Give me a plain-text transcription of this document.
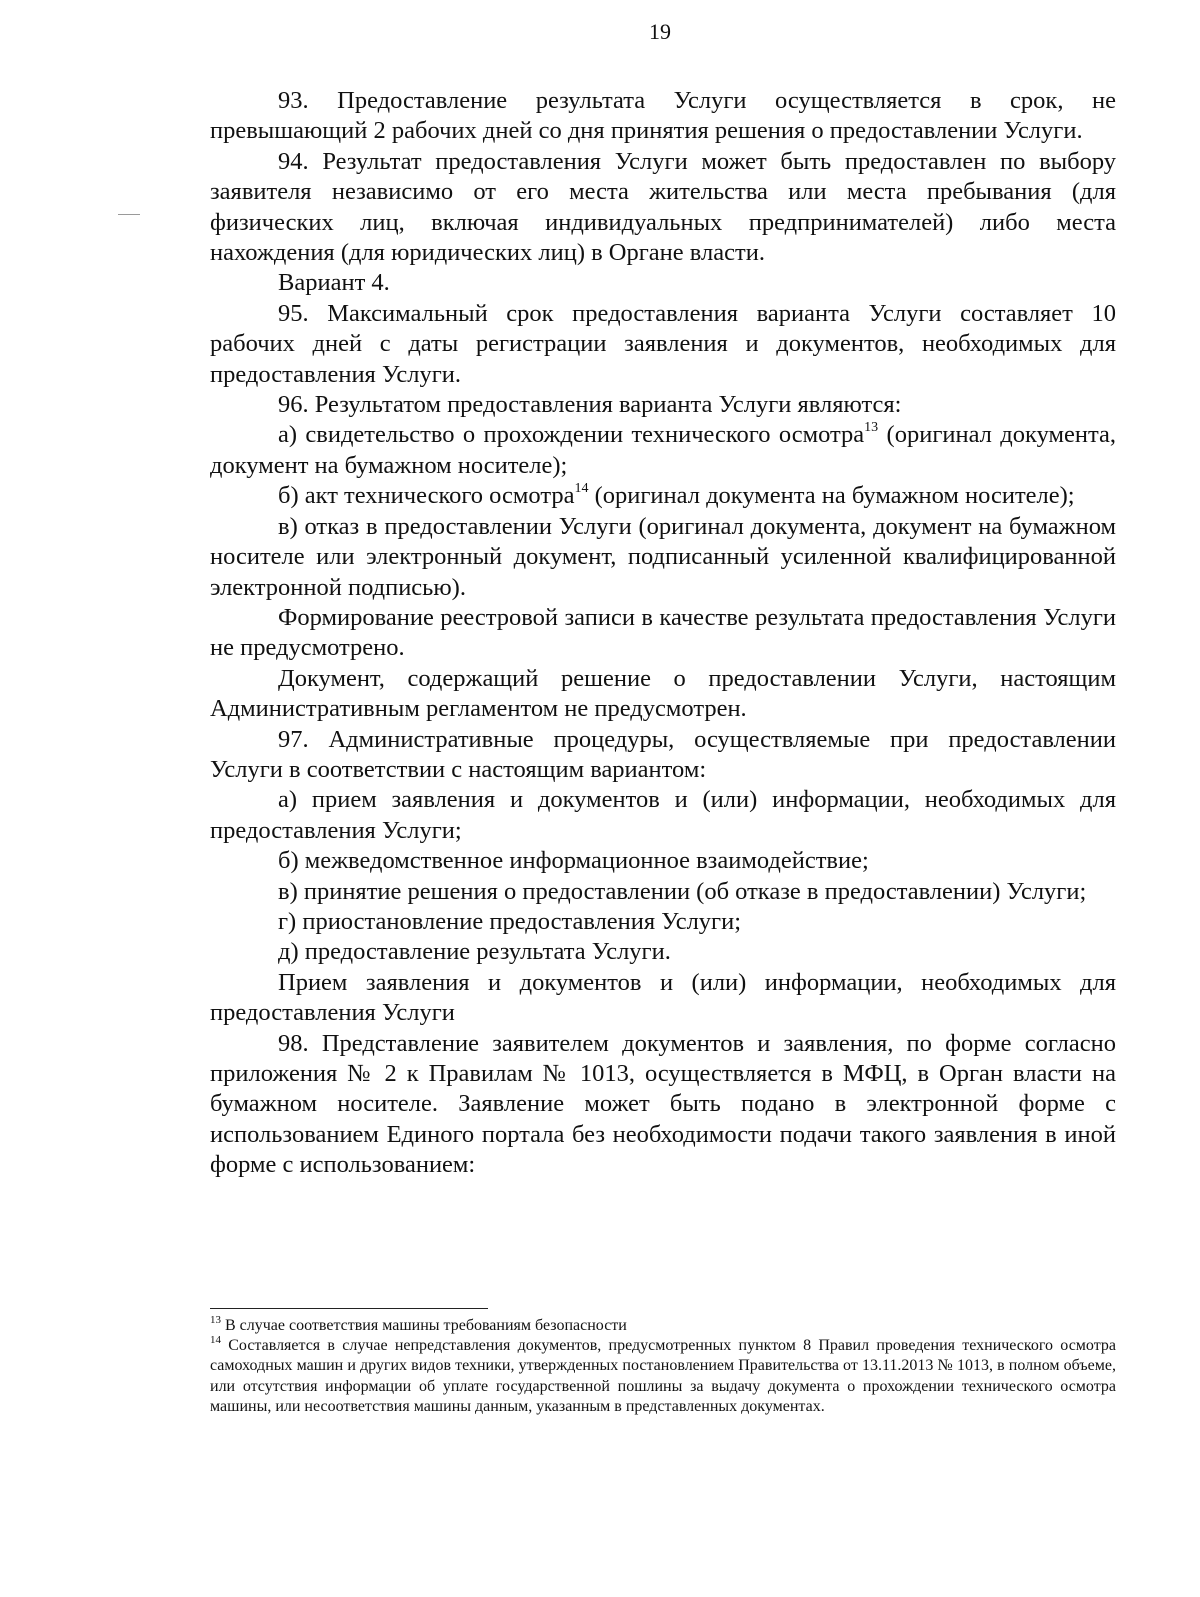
19

93. Предоставление результата Услуги осуществляется в срок, не превышающий 2 рабочих дней со дня принятия решения о предоставлении Услуги.

94. Результат предоставления Услуги может быть предоставлен по выбору заявителя независимо от его места жительства или места пребывания (для физических лиц, включая индивидуальных предпринимателей) либо места нахождения (для юридических лиц) в Органе власти.

Вариант 4.

95. Максимальный срок предоставления варианта Услуги составляет 10 рабочих дней с даты регистрации заявления и документов, необходимых для предоставления Услуги.

96. Результатом предоставления варианта Услуги являются:

а) свидетельство о прохождении технического осмотра$^{13}$ (оригинал документа, документ на бумажном носителе);

б) акт технического осмотра$^{14}$ (оригинал документа на бумажном носителе);

в) отказ в предоставлении Услуги (оригинал документа, документ на бумажном носителе или электронный документ, подписанный усиленной квалифицированной электронной подписью).

Формирование реестровой записи в качестве результата предоставления Услуги не предусмотрено.

Документ, содержащий решение о предоставлении Услуги, настоящим Административным регламентом не предусмотрен.

97. Административные процедуры, осуществляемые при предоставлении Услуги в соответствии с настоящим вариантом:

а) прием заявления и документов и (или) информации, необходимых для предоставления Услуги;

б) межведомственное информационное взаимодействие;

в) принятие решения о предоставлении (об отказе в предоставлении) Услуги;

г) приостановление предоставления Услуги;

д) предоставление результата Услуги.

Прием заявления и документов и (или) информации, необходимых для предоставления Услуги

98. Представление заявителем документов и заявления, по форме согласно приложения № 2 к Правилам № 1013, осуществляется в МФЦ, в Орган власти на бумажном носителе. Заявление может быть подано в электронной форме с использованием Единого портала без необходимости подачи такого заявления в иной форме с использованием:

$^{13}$ В случае соответствия машины требованиям безопасности

$^{14}$ Составляется в случае непредставления документов, предусмотренных пунктом 8 Правил проведения технического осмотра самоходных машин и других видов техники, утвержденных постановлением Правительства от 13.11.2013 № 1013, в полном объеме, или отсутствия информации об уплате государственной пошлины за выдачу документа о прохождении технического осмотра машины, или несоответствия машины данным, указанным в представленных документах.
